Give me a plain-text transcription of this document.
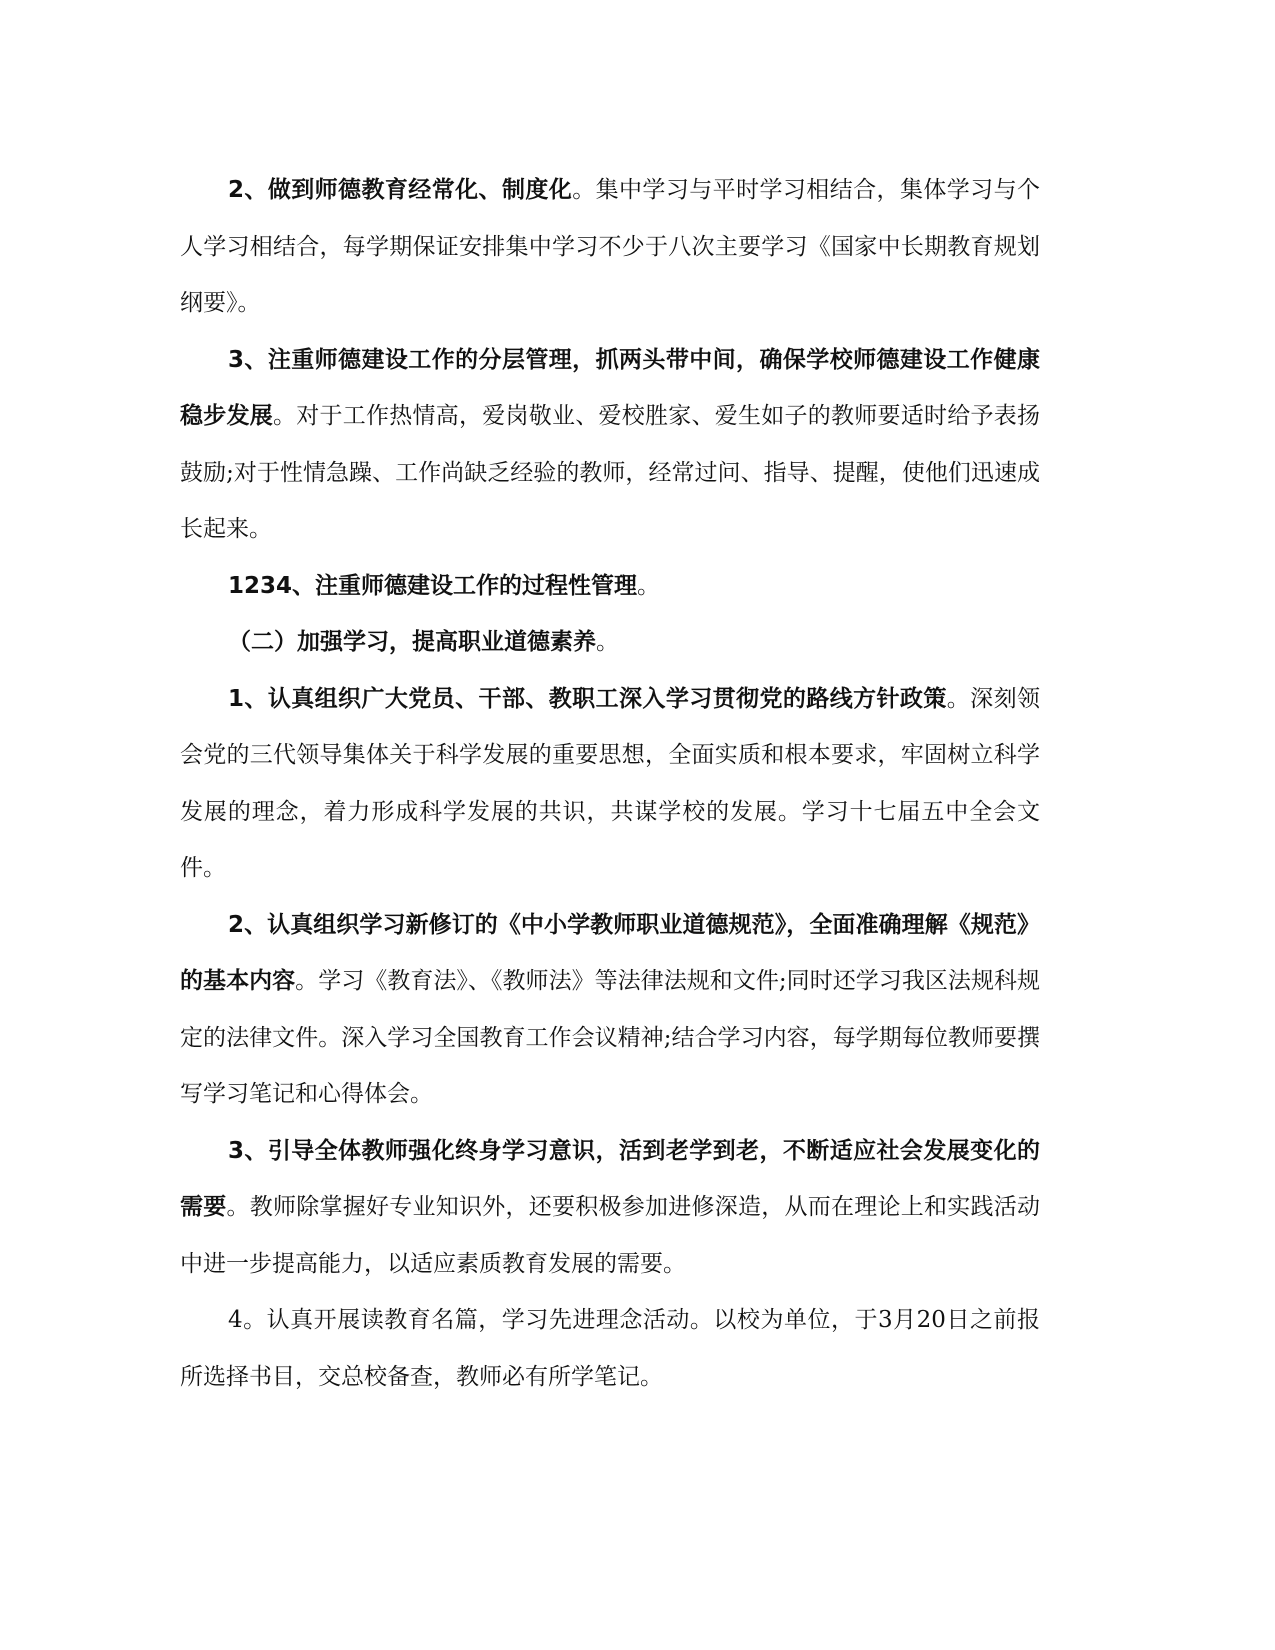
2、做到师德教育经常化、制度化。集中学习与平时学习相结合，集体学习与个人学习相结合，每学期保证安排集中学习不少于八次主要学习《国家中长期教育规划纲要》。

3、注重师德建设工作的分层管理，抓两头带中间，确保学校师德建设工作健康稳步发展。对于工作热情高，爱岗敬业、爱校胜家、爱生如子的教师要适时给予表扬鼓励;对于性情急躁、工作尚缺乏经验的教师，经常过问、指导、提醒，使他们迅速成长起来。

1234、注重师德建设工作的过程性管理。

（二）加强学习，提高职业道德素养。

1、认真组织广大党员、干部、教职工深入学习贯彻党的路线方针政策。深刻领会党的三代领导集体关于科学发展的重要思想，全面实质和根本要求，牢固树立科学发展的理念，着力形成科学发展的共识，共谋学校的发展。学习十七届五中全会文件。

2、认真组织学习新修订的《中小学教师职业道德规范》，全面准确理解《规范》的基本内容。学习《教育法》、《教师法》等法律法规和文件;同时还学习我区法规科规定的法律文件。深入学习全国教育工作会议精神;结合学习内容，每学期每位教师要撰写学习笔记和心得体会。

3、引导全体教师强化终身学习意识，活到老学到老，不断适应社会发展变化的需要。教师除掌握好专业知识外，还要积极参加进修深造，从而在理论上和实践活动中进一步提高能力，以适应素质教育发展的需要。

4。认真开展读教育名篇，学习先进理念活动。以校为单位，于3月20日之前报所选择书目，交总校备查，教师必有所学笔记。
